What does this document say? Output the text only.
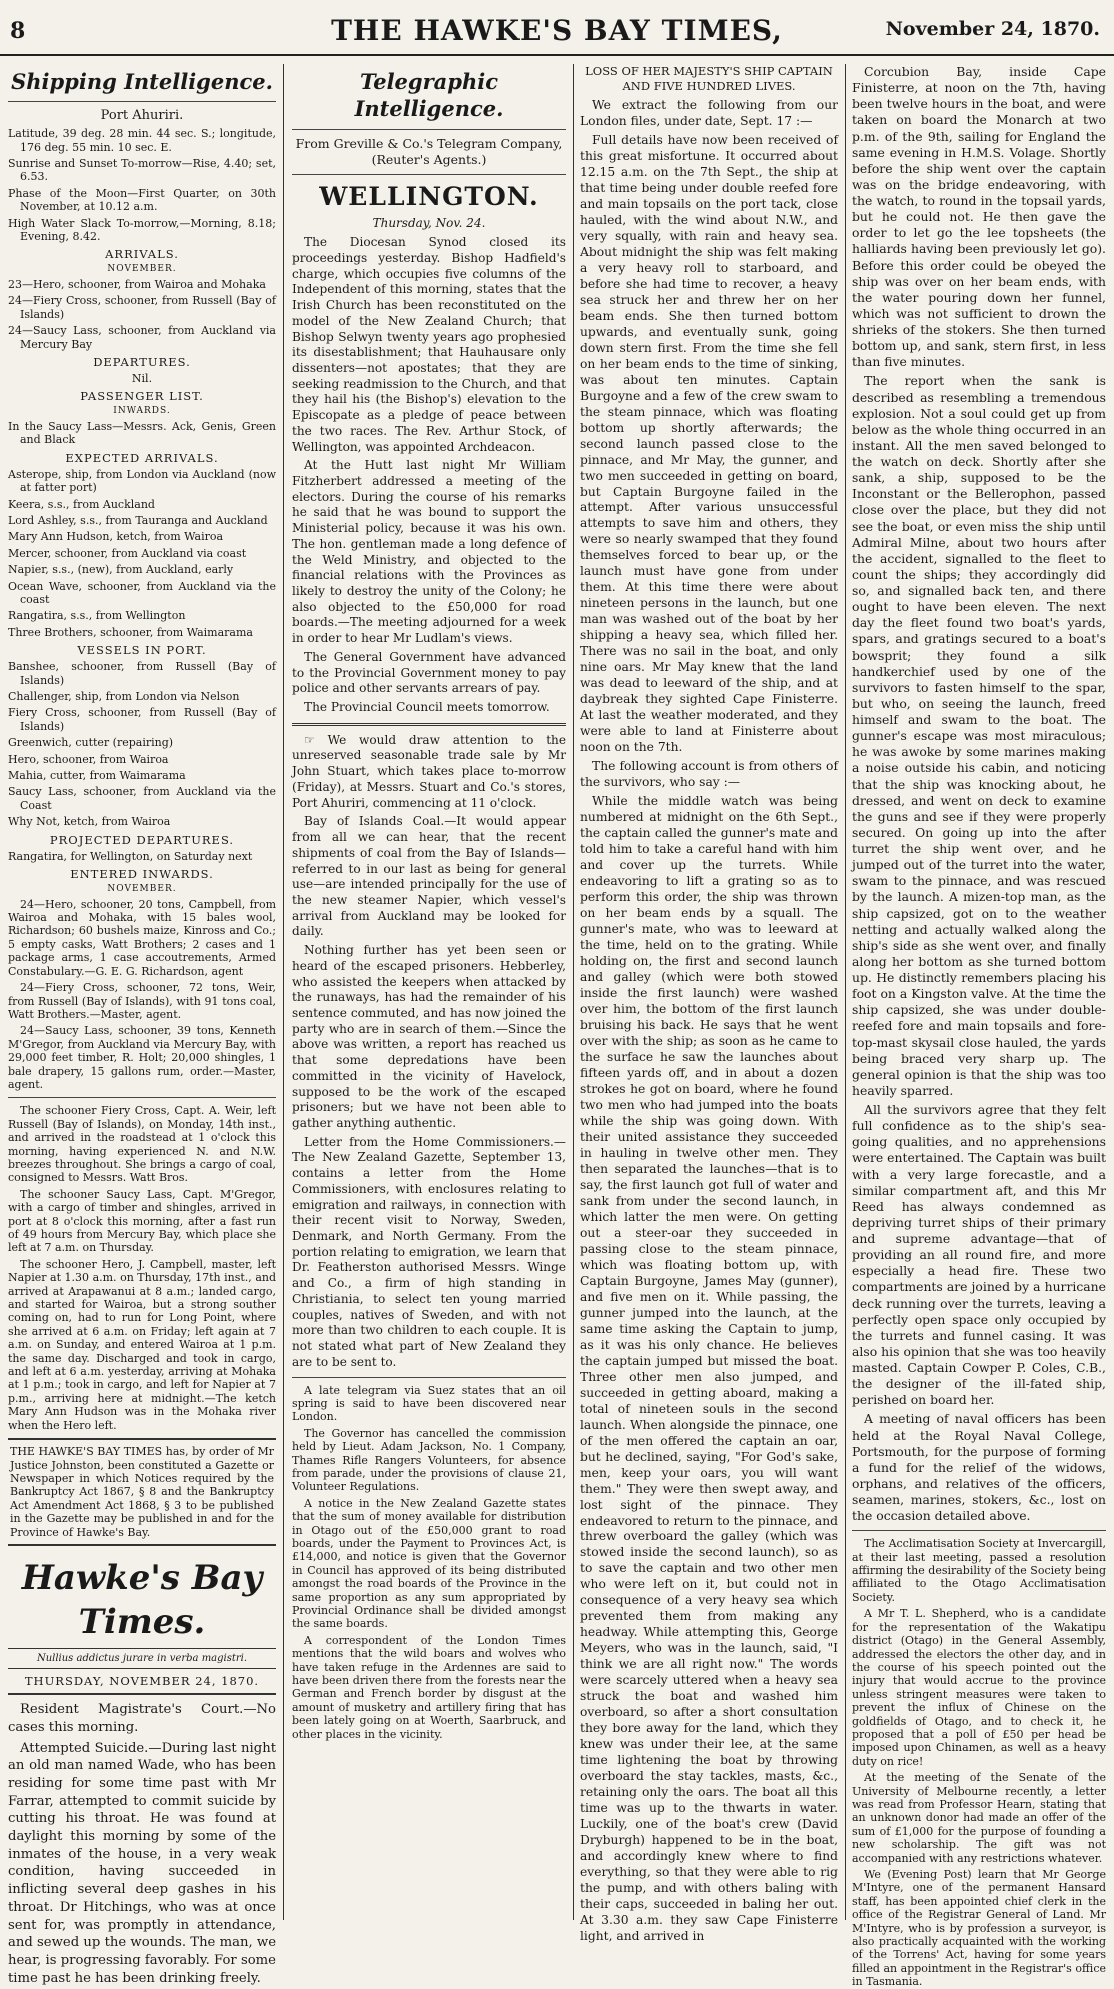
8	THE HAWKE'S BAY TIMES,	November 24, 1870.
Shipping Intelligence.
Port Ahuriri.

Latitude, 39 deg. 28 min. 44 sec. S.; longitude, 176 deg. 55 min. 10 sec. E.

Sunrise and Sunset To-morrow—Rise, 4.40; set, 6.53.

Phase of the Moon—First Quarter, on 30th November, at 10.12 a.m.

High Water Slack To-morrow,—Morning, 8.18; Evening, 8.42.

ARRIVALS.
NOVEMBER.

23—Hero, schooner, from Wairoa and Mohaka

24—Fiery Cross, schooner, from Russell (Bay of Islands)

24—Saucy Lass, schooner, from Auckland via Mercury Bay

DEPARTURES.
Nil.
PASSENGER LIST.
INWARDS.

In the Saucy Lass—Messrs. Ack, Genis, Green and Black

EXPECTED ARRIVALS.

Asterope, ship, from London via Auckland (now at fatter port)

Keera, s.s., from Auckland

Lord Ashley, s.s., from Tauranga and Auckland

Mary Ann Hudson, ketch, from Wairoa

Mercer, schooner, from Auckland via coast

Napier, s.s., (new), from Auckland, early

Ocean Wave, schooner, from Auckland via the coast

Rangatira, s.s., from Wellington

Three Brothers, schooner, from Waimarama

VESSELS IN PORT.

Banshee, schooner, from Russell (Bay of Islands)

Challenger, ship, from London via Nelson

Fiery Cross, schooner, from Russell (Bay of Islands)

Greenwich, cutter (repairing)

Hero, schooner, from Wairoa

Mahia, cutter, from Waimarama

Saucy Lass, schooner, from Auckland via the Coast

Why Not, ketch, from Wairoa

PROJECTED DEPARTURES.

Rangatira, for Wellington, on Saturday next

ENTERED INWARDS.
NOVEMBER.

24—Hero, schooner, 20 tons, Campbell, from Wairoa and Mohaka, with 15 bales wool, Richardson; 60 bushels maize, Kinross and Co.; 5 empty casks, Watt Brothers; 2 cases and 1 package arms, 1 case accoutrements, Armed Constabulary.—G. E. G. Richardson, agent

24—Fiery Cross, schooner, 72 tons, Weir, from Russell (Bay of Islands), with 91 tons coal, Watt Brothers.—Master, agent.

24—Saucy Lass, schooner, 39 tons, Kenneth M'Gregor, from Auckland via Mercury Bay, with 29,000 feet timber, R. Holt; 20,000 shingles, 1 bale drapery, 15 gallons rum, order.—Master, agent.

The schooner Fiery Cross, Capt. A. Weir, left Russell (Bay of Islands), on Monday, 14th inst., and arrived in the roadstead at 1 o'clock this morning, having experienced N. and N.W. breezes throughout. She brings a cargo of coal, consigned to Messrs. Watt Bros.

The schooner Saucy Lass, Capt. M'Gregor, with a cargo of timber and shingles, arrived in port at 8 o'clock this morning, after a fast run of 49 hours from Mercury Bay, which place she left at 7 a.m. on Thursday.

The schooner Hero, J. Campbell, master, left Napier at 1.30 a.m. on Thursday, 17th inst., and arrived at Arapawanui at 8 a.m.; landed cargo, and started for Wairoa, but a strong souther coming on, had to run for Long Point, where she arrived at 6 a.m. on Friday; left again at 7 a.m. on Sunday, and entered Wairoa at 1 p.m. the same day. Discharged and took in cargo, and left at 6 a.m. yesterday, arriving at Mohaka at 1 p.m.; took in cargo, and left for Napier at 7 p.m., arriving here at midnight.—The ketch Mary Ann Hudson was in the Mohaka river when the Hero left.

THE HAWKE'S BAY TIMES has, by order of Mr Justice Johnston, been constituted a Gazette or Newspaper in which Notices required by the Bankruptcy Act 1867, § 8 and the Bankruptcy Act Amendment Act 1868, § 3 to be published in the Gazette may be published in and for the Province of Hawke's Bay.
Hawke's Bay Times.
Nullius addictus jurare in verba magistri.
THURSDAY, NOVEMBER 24, 1870.

Resident Magistrate's Court.—No cases this morning.

Attempted Suicide.—During last night an old man named Wade, who has been residing for some time past with Mr Farrar, attempted to commit suicide by cutting his throat. He was found at daylight this morning by some of the inmates of the house, in a very weak condition, having succeeded in inflicting several deep gashes in his throat. Dr Hitchings, who was at once sent for, was promptly in attendance, and sewed up the wounds. The man, we hear, is progressing favorably. For some time past he has been drinking freely.

Telegraphic Intelligence.
From Greville & Co.'s Telegram Company, (Reuter's Agents.)
WELLINGTON.
Thursday, Nov. 24.

The Diocesan Synod closed its proceedings yesterday. Bishop Hadfield's charge, which occupies five columns of the Independent of this morning, states that the Irish Church has been reconstituted on the model of the New Zealand Church; that Bishop Selwyn twenty years ago prophesied its disestablishment; that Hauhausare only dissenters—not apostates; that they are seeking readmission to the Church, and that they hail his (the Bishop's) elevation to the Episcopate as a pledge of peace between the two races. The Rev. Arthur Stock, of Wellington, was appointed Archdeacon.

At the Hutt last night Mr William Fitzherbert addressed a meeting of the electors. During the course of his remarks he said that he was bound to support the Ministerial policy, because it was his own. The hon. gentleman made a long defence of the Weld Ministry, and objected to the financial relations with the Provinces as likely to destroy the unity of the Colony; he also objected to the £50,000 for road boards.—The meeting adjourned for a week in order to hear Mr Ludlam's views.

The General Government have advanced to the Provincial Government money to pay police and other servants arrears of pay.

The Provincial Council meets tomorrow.

☞ We would draw attention to the unreserved seasonable trade sale by Mr John Stuart, which takes place to-morrow (Friday), at Messrs. Stuart and Co.'s stores, Port Ahuriri, commencing at 11 o'clock.

Bay of Islands Coal.—It would appear from all we can hear, that the recent shipments of coal from the Bay of Islands—referred to in our last as being for general use—are intended principally for the use of the new steamer Napier, which vessel's arrival from Auckland may be looked for daily.

Nothing further has yet been seen or heard of the escaped prisoners. Hebberley, who assisted the keepers when attacked by the runaways, has had the remainder of his sentence commuted, and has now joined the party who are in search of them.—Since the above was written, a report has reached us that some depredations have been committed in the vicinity of Havelock, supposed to be the work of the escaped prisoners; but we have not been able to gather anything authentic.

Letter from the Home Commissioners.—The New Zealand Gazette, September 13, contains a letter from the Home Commissioners, with enclosures relating to emigration and railways, in connection with their recent visit to Norway, Sweden, Denmark, and North Germany. From the portion relating to emigration, we learn that Dr. Featherston authorised Messrs. Winge and Co., a firm of high standing in Christiania, to select ten young married couples, natives of Sweden, and with not more than two children to each couple. It is not stated what part of New Zealand they are to be sent to.

A late telegram via Suez states that an oil spring is said to have been discovered near London.

The Governor has cancelled the commission held by Lieut. Adam Jackson, No. 1 Company, Thames Rifle Rangers Volunteers, for absence from parade, under the provisions of clause 21, Volunteer Regulations.

A notice in the New Zealand Gazette states that the sum of money available for distribution in Otago out of the £50,000 grant to road boards, under the Payment to Provinces Act, is £14,000, and notice is given that the Governor in Council has approved of its being distributed amongst the road boards of the Province in the same proportion as any sum appropriated by Provincial Ordinance shall be divided amongst the same boards.

A correspondent of the London Times mentions that the wild boars and wolves who have taken refuge in the Ardennes are said to have been driven there from the forests near the German and French border by disgust at the amount of musketry and artillery firing that has been lately going on at Woerth, Saarbruck, and other places in the vicinity.

LOSS OF HER MAJESTY'S SHIP CAPTAIN AND FIVE HUNDRED LIVES.

We extract the following from our London files, under date, Sept. 17 :—

Full details have now been received of this great misfortune. It occurred about 12.15 a.m. on the 7th Sept., the ship at that time being under double reefed fore and main topsails on the port tack, close hauled, with the wind about N.W., and very squally, with rain and heavy sea. About midnight the ship was felt making a very heavy roll to starboard, and before she had time to recover, a heavy sea struck her and threw her on her beam ends. She then turned bottom upwards, and eventually sunk, going down stern first. From the time she fell on her beam ends to the time of sinking, was about ten minutes. Captain Burgoyne and a few of the crew swam to the steam pinnace, which was floating bottom up shortly afterwards; the second launch passed close to the pinnace, and Mr May, the gunner, and two men succeeded in getting on board, but Captain Burgoyne failed in the attempt. After various unsuccessful attempts to save him and others, they were so nearly swamped that they found themselves forced to bear up, or the launch must have gone from under them. At this time there were about nineteen persons in the launch, but one man was washed out of the boat by her shipping a heavy sea, which filled her. There was no sail in the boat, and only nine oars. Mr May knew that the land was dead to leeward of the ship, and at daybreak they sighted Cape Finisterre. At last the weather moderated, and they were able to land at Finisterre about noon on the 7th.

The following account is from others of the survivors, who say :—

While the middle watch was being numbered at midnight on the 6th Sept., the captain called the gunner's mate and told him to take a careful hand with him and cover up the turrets. While endeavoring to lift a grating so as to perform this order, the ship was thrown on her beam ends by a squall. The gunner's mate, who was to leeward at the time, held on to the grating. While holding on, the first and second launch and galley (which were both stowed inside the first launch) were washed over him, the bottom of the first launch bruising his back. He says that he went over with the ship; as soon as he came to the surface he saw the launches about fifteen yards off, and in about a dozen strokes he got on board, where he found two men who had jumped into the boats while the ship was going down. With their united assistance they succeeded in hauling in twelve other men. They then separated the launches—that is to say, the first launch got full of water and sank from under the second launch, in which latter the men were. On getting out a steer-oar they succeeded in passing close to the steam pinnace, which was floating bottom up, with Captain Burgoyne, James May (gunner), and five men on it. While passing, the gunner jumped into the launch, at the same time asking the Captain to jump, as it was his only chance. He believes the captain jumped but missed the boat. Three other men also jumped, and succeeded in getting aboard, making a total of nineteen souls in the second launch. When alongside the pinnace, one of the men offered the captain an oar, but he declined, saying, "For God's sake, men, keep your oars, you will want them." They were then swept away, and lost sight of the pinnace. They endeavored to return to the pinnace, and threw overboard the galley (which was stowed inside the second launch), so as to save the captain and two other men who were left on it, but could not in consequence of a very heavy sea which prevented them from making any headway. While attempting this, George Meyers, who was in the launch, said, "I think we are all right now." The words were scarcely uttered when a heavy sea struck the boat and washed him overboard, so after a short consultation they bore away for the land, which they knew was under their lee, at the same time lightening the boat by throwing overboard the stay tackles, masts, &c., retaining only the oars. The boat all this time was up to the thwarts in water. Luckily, one of the boat's crew (David Dryburgh) happened to be in the boat, and accordingly knew where to find everything, so that they were able to rig the pump, and with others baling with their caps, succeeded in baling her out. At 3.30 a.m. they saw Cape Finisterre light, and arrived in

Corcubion Bay, inside Cape Finisterre, at noon on the 7th, having been twelve hours in the boat, and were taken on board the Monarch at two p.m. of the 9th, sailing for England the same evening in H.M.S. Volage. Shortly before the ship went over the captain was on the bridge endeavoring, with the watch, to round in the topsail yards, but he could not. He then gave the order to let go the lee topsheets (the halliards having been previously let go). Before this order could be obeyed the ship was over on her beam ends, with the water pouring down her funnel, which was not sufficient to drown the shrieks of the stokers. She then turned bottom up, and sank, stern first, in less than five minutes.

The report when the sank is described as resembling a tremendous explosion. Not a soul could get up from below as the whole thing occurred in an instant. All the men saved belonged to the watch on deck. Shortly after she sank, a ship, supposed to be the Inconstant or the Bellerophon, passed close over the place, but they did not see the boat, or even miss the ship until Admiral Milne, about two hours after the accident, signalled to the fleet to count the ships; they accordingly did so, and signalled back ten, and there ought to have been eleven. The next day the fleet found two boat's yards, spars, and gratings secured to a boat's bowsprit; they found a silk handkerchief used by one of the survivors to fasten himself to the spar, but who, on seeing the launch, freed himself and swam to the boat. The gunner's escape was most miraculous; he was awoke by some marines making a noise outside his cabin, and noticing that the ship was knocking about, he dressed, and went on deck to examine the guns and see if they were properly secured. On going up into the after turret the ship went over, and he jumped out of the turret into the water, swam to the pinnace, and was rescued by the launch. A mizen-top man, as the ship capsized, got on to the weather netting and actually walked along the ship's side as she went over, and finally along her bottom as she turned bottom up. He distinctly remembers placing his foot on a Kingston valve. At the time the ship capsized, she was under double-reefed fore and main topsails and fore-top-mast skysail close hauled, the yards being braced very sharp up. The general opinion is that the ship was too heavily sparred.

All the survivors agree that they felt full confidence as to the ship's sea-going qualities, and no apprehensions were entertained. The Captain was built with a very large forecastle, and a similar compartment aft, and this Mr Reed has always condemned as depriving turret ships of their primary and supreme advantage—that of providing an all round fire, and more especially a head fire. These two compartments are joined by a hurricane deck running over the turrets, leaving a perfectly open space only occupied by the turrets and funnel casing. It was also his opinion that she was too heavily masted. Captain Cowper P. Coles, C.B., the designer of the ill-fated ship, perished on board her.

A meeting of naval officers has been held at the Royal Naval College, Portsmouth, for the purpose of forming a fund for the relief of the widows, orphans, and relatives of the officers, seamen, marines, stokers, &c., lost on the occasion detailed above.

The Acclimatisation Society at Invercargill, at their last meeting, passed a resolution affirming the desirability of the Society being affiliated to the Otago Acclimatisation Society.

A Mr T. L. Shepherd, who is a candidate for the representation of the Wakatipu district (Otago) in the General Assembly, addressed the electors the other day, and in the course of his speech pointed out the injury that would accrue to the province unless stringent measures were taken to prevent the influx of Chinese on the goldfields of Otago, and to check it, he proposed that a poll of £50 per head be imposed upon Chinamen, as well as a heavy duty on rice!

At the meeting of the Senate of the University of Melbourne recently, a letter was read from Professor Hearn, stating that an unknown donor had made an offer of the sum of £1,000 for the purpose of founding a new scholarship. The gift was not accompanied with any restrictions whatever.

We (Evening Post) learn that Mr George M'Intyre, one of the permanent Hansard staff, has been appointed chief clerk in the office of the Registrar General of Land. Mr M'Intyre, who is by profession a surveyor, is also practically acquainted with the working of the Torrens' Act, having for some years filled an appointment in the Registrar's office in Tasmania.
